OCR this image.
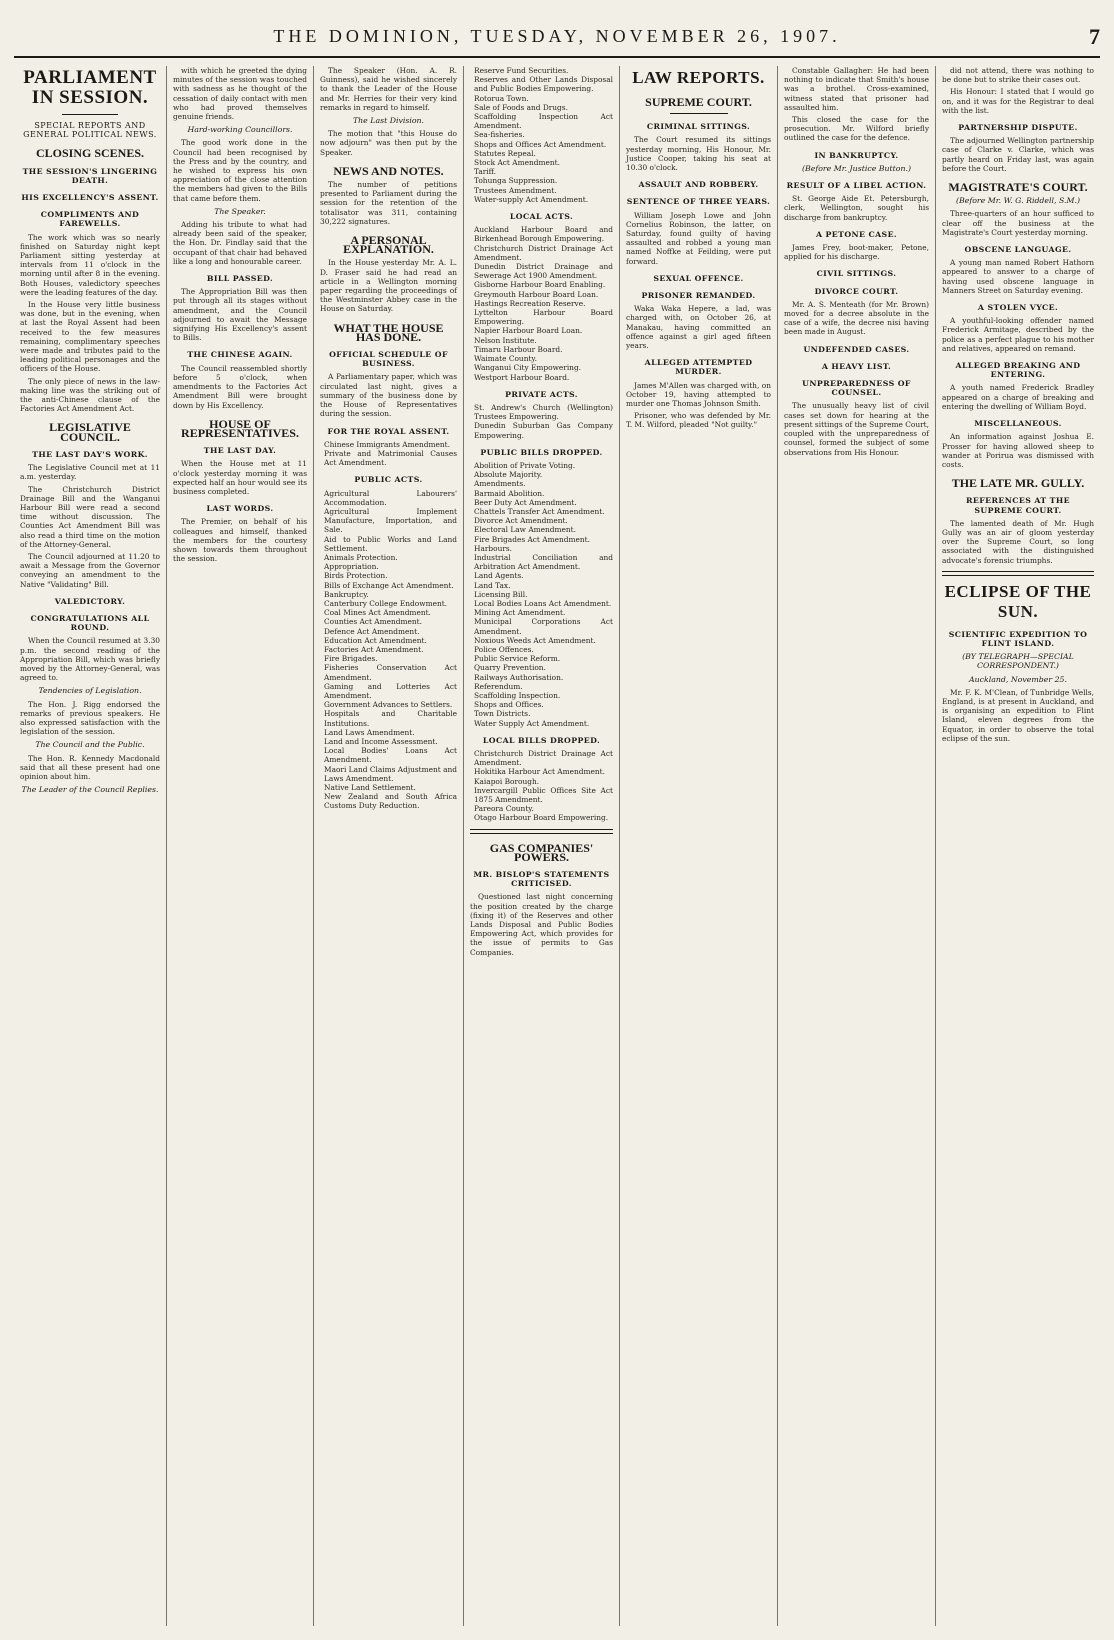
THE DOMINION, TUESDAY, NOVEMBER 26, 1907.	7
PARLIAMENT IN SESSION.
SPECIAL REPORTS AND GENERAL POLITICAL NEWS.
CLOSING SCENES.
THE SESSION'S LINGERING DEATH.
HIS EXCELLENCY'S ASSENT.
COMPLIMENTS AND FAREWELLS.

The work which was so nearly finished on Saturday night kept Parliament sitting yesterday at intervals from 11 o'clock in the morning until after 8 in the evening. Both Houses, valedictory speeches were the leading features of the day.

In the House very little business was done, but in the evening, when at last the Royal Assent had been received to the few measures remaining, complimentary speeches were made and tributes paid to the leading political personages and the officers of the House.

The only piece of news in the law-making line was the striking out of the anti-Chinese clause of the Factories Act Amendment Act.

LEGISLATIVE COUNCIL.
THE LAST DAY'S WORK.

The Legislative Council met at 11 a.m. yesterday.

The Christchurch District Drainage Bill and the Wanganui Harbour Bill were read a second time without discussion. The Counties Act Amendment Bill was also read a third time on the motion of the Attorney-General.

The Council adjourned at 11.20 to await a Message from the Governor conveying an amendment to the Native "Validating" Bill.

VALEDICTORY.
CONGRATULATIONS ALL ROUND.

When the Council resumed at 3.30 p.m. the second reading of the Appropriation Bill, which was briefly moved by the Attorney-General, was agreed to.

Tendencies of Legislation.

The Hon. J. Rigg endorsed the remarks of previous speakers. He also expressed satisfaction with the legislation of the session.

The Council and the Public.

The Hon. R. Kennedy Macdonald said that all these present had one opinion about him.

The Leader of the Council Replies.

with which he greeted the dying minutes of the session was touched with sadness as he thought of the cessation of daily contact with men who had proved themselves genuine friends.

Hard-working Councillors.

The good work done in the Council had been recognised by the Press and by the country, and he wished to express his own appreciation of the close attention the members had given to the Bills that came before them.

The Speaker.

Adding his tribute to what had already been said of the speaker, the Hon. Dr. Findlay said that the occupant of that chair had behaved like a long and honourable career.

BILL PASSED.

The Appropriation Bill was then put through all its stages without amendment, and the Council adjourned to await the Message signifying His Excellency's assent to Bills.

THE CHINESE AGAIN.

The Council reassembled shortly before 5 o'clock, when amendments to the Factories Act Amendment Bill were brought down by His Excellency.

HOUSE OF REPRESENTATIVES.
THE LAST DAY.

When the House met at 11 o'clock yesterday morning it was expected half an hour would see its business completed.

LAST WORDS.

The Premier, on behalf of his colleagues and himself, thanked the members for the courtesy shown towards them throughout the session.

The Speaker (Hon. A. R. Guinness), said he wished sincerely to thank the Leader of the House and Mr. Herries for their very kind remarks in regard to himself.

The Last Division.

The motion that "this House do now adjourn" was then put by the Speaker.

NEWS AND NOTES.

The number of petitions presented to Parliament during the session for the retention of the totalisator was 311, containing 30,222 signatures.

A PERSONAL EXPLANATION.

In the House yesterday Mr. A. L. D. Fraser said he had read an article in a Wellington morning paper regarding the proceedings of the Westminster Abbey case in the House on Saturday.

WHAT THE HOUSE HAS DONE.
OFFICIAL SCHEDULE OF BUSINESS.

A Parliamentary paper, which was circulated last night, gives a summary of the business done by the House of Representatives during the session.

FOR THE ROYAL ASSENT.
Chinese Immigrants Amendment.
Private and Matrimonial Causes Act Amendment.
PUBLIC ACTS.
Agricultural Labourers' Accommodation.
Agricultural Implement Manufacture, Importation, and Sale.
Aid to Public Works and Land Settlement.
Animals Protection.
Appropriation.
Birds Protection.
Bills of Exchange Act Amendment.
Bankruptcy.
Canterbury College Endowment.
Coal Mines Act Amendment.
Counties Act Amendment.
Defence Act Amendment.
Education Act Amendment.
Factories Act Amendment.
Fire Brigades.
Fisheries Conservation Act Amendment.
Gaming and Lotteries Act Amendment.
Government Advances to Settlers.
Hospitals and Charitable Institutions.
Land Laws Amendment.
Land and Income Assessment.
Local Bodies' Loans Act Amendment.
Maori Land Claims Adjustment and Laws Amendment.
Native Land Settlement.
New Zealand and South Africa Customs Duty Reduction.
Reserve Fund Securities.
Reserves and Other Lands Disposal and Public Bodies Empowering.
Rotorua Town.
Sale of Foods and Drugs.
Scaffolding Inspection Act Amendment.
Sea-fisheries.
Shops and Offices Act Amendment.
Statutes Repeal.
Stock Act Amendment.
Tariff.
Tohunga Suppression.
Trustees Amendment.
Water-supply Act Amendment.
LOCAL ACTS.
Auckland Harbour Board and Birkenhead Borough Empowering.
Christchurch District Drainage Act Amendment.
Dunedin District Drainage and Sewerage Act 1900 Amendment.
Gisborne Harbour Board Enabling.
Greymouth Harbour Board Loan.
Hastings Recreation Reserve.
Lyttelton Harbour Board Empowering.
Napier Harbour Board Loan.
Nelson Institute.
Timaru Harbour Board.
Waimate County.
Wanganui City Empowering.
Westport Harbour Board.
PRIVATE ACTS.
St. Andrew's Church (Wellington) Trustees Empowering.
Dunedin Suburban Gas Company Empowering.
PUBLIC BILLS DROPPED.
Abolition of Private Voting.
Absolute Majority.
Amendments.
Barmaid Abolition.
Beer Duty Act Amendment.
Chattels Transfer Act Amendment.
Divorce Act Amendment.
Electoral Law Amendment.
Fire Brigades Act Amendment.
Harbours.
Industrial Conciliation and Arbitration Act Amendment.
Land Agents.
Land Tax.
Licensing Bill.
Local Bodies Loans Act Amendment.
Mining Act Amendment.
Municipal Corporations Act Amendment.
Noxious Weeds Act Amendment.
Police Offences.
Public Service Reform.
Quarry Prevention.
Railways Authorisation.
Referendum.
Scaffolding Inspection.
Shops and Offices.
Town Districts.
Water Supply Act Amendment.
LOCAL BILLS DROPPED.
Christchurch District Drainage Act Amendment.
Hokitika Harbour Act Amendment.
Kaiapoi Borough.
Invercargill Public Offices Site Act 1875 Amendment.
Pareora County.
Otago Harbour Board Empowering.
GAS COMPANIES' POWERS.
MR. BISLOP'S STATEMENTS CRITICISED.

Questioned last night concerning the position created by the charge (fixing it) of the Reserves and other Lands Disposal and Public Bodies Empowering Act, which provides for the issue of permits to Gas Companies.

LAW REPORTS.
SUPREME COURT.
CRIMINAL SITTINGS.

The Court resumed its sittings yesterday morning, His Honour, Mr. Justice Cooper, taking his seat at 10.30 o'clock.

ASSAULT AND ROBBERY.
SENTENCE OF THREE YEARS.

William Joseph Lowe and John Cornelius Robinson, the latter, on Saturday, found guilty of having assaulted and robbed a young man named Noffke at Feilding, were put forward.

SEXUAL OFFENCE.
PRISONER REMANDED.

Waka Waka Hepere, a lad, was charged with, on October 26, at Manakau, having committed an offence against a girl aged fifteen years.

ALLEGED ATTEMPTED MURDER.

James M'Allen was charged with, on October 19, having attempted to murder one Thomas Johnson Smith.

Prisoner, who was defended by Mr. T. M. Wilford, pleaded "Not guilty."

Constable Gallagher: He had been nothing to indicate that Smith's house was a brothel. Cross-examined, witness stated that prisoner had assaulted him.

This closed the case for the prosecution. Mr. Wilford briefly outlined the case for the defence.

IN BANKRUPTCY.
(Before Mr. Justice Button.)
RESULT OF A LIBEL ACTION.

St. George Aide Et. Petersburgh, clerk, Wellington, sought his discharge from bankruptcy.

A PETONE CASE.

James Frey, boot-maker, Petone, applied for his discharge.

CIVIL SITTINGS.
DIVORCE COURT.

Mr. A. S. Menteath (for Mr. Brown) moved for a decree absolute in the case of a wife, the decree nisi having been made in August.

UNDEFENDED CASES.
A HEAVY LIST.
UNPREPAREDNESS OF COUNSEL.

The unusually heavy list of civil cases set down for hearing at the present sittings of the Supreme Court, coupled with the unpreparedness of counsel, formed the subject of some observations from His Honour.

did not attend, there was nothing to be done but to strike their cases out.

His Honour: I stated that I would go on, and it was for the Registrar to deal with the list.

PARTNERSHIP DISPUTE.

The adjourned Wellington partnership case of Clarke v. Clarke, which was partly heard on Friday last, was again before the Court.

MAGISTRATE'S COURT.
(Before Mr. W. G. Riddell, S.M.)

Three-quarters of an hour sufficed to clear off the business at the Magistrate's Court yesterday morning.

OBSCENE LANGUAGE.

A young man named Robert Hathorn appeared to answer to a charge of having used obscene language in Manners Street on Saturday evening.

A STOLEN VYCE.

A youthful-looking offender named Frederick Armitage, described by the police as a perfect plague to his mother and relatives, appeared on remand.

ALLEGED BREAKING AND ENTERING.

A youth named Frederick Bradley appeared on a charge of breaking and entering the dwelling of William Boyd.

MISCELLANEOUS.

An information against Joshua E. Prosser for having allowed sheep to wander at Porirua was dismissed with costs.

THE LATE MR. GULLY.
REFERENCES AT THE SUPREME COURT.

The lamented death of Mr. Hugh Gully was an air of gloom yesterday over the Supreme Court, so long associated with the distinguished advocate's forensic triumphs.

ECLIPSE OF THE SUN.
SCIENTIFIC EXPEDITION TO FLINT ISLAND.
(BY TELEGRAPH—SPECIAL CORRESPONDENT.)
Auckland, November 25.

Mr. F. K. M'Clean, of Tunbridge Wells, England, is at present in Auckland, and is organising an expedition to Flint Island, eleven degrees from the Equator, in order to observe the total eclipse of the sun.
